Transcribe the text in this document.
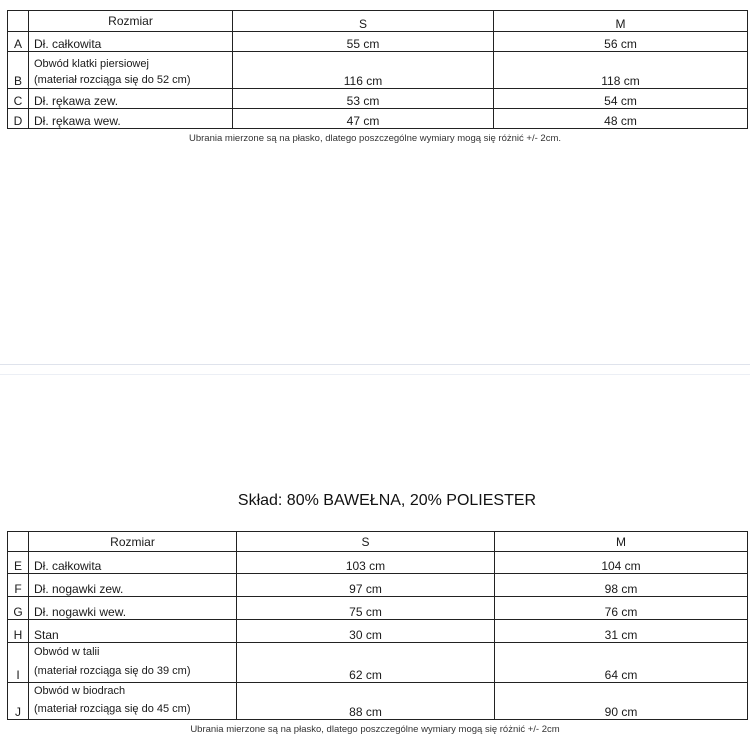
	Rozmiar	S	M
A	Dł. całkowita	55 cm	56 cm
B	Obwód klatki piersiowej
(materiał rozciąga się do 52 cm)	116 cm	118 cm
C	Dł. rękawa zew.	53 cm	54 cm
D	Dł. rękawa wew.	47 cm	48 cm
Ubrania mierzone są na płasko, dlatego poszczególne wymiary mogą się różnić +/- 2cm.
Skład: 80% BAWEŁNA, 20% POLIESTER
	Rozmiar	S	M
E	Dł. całkowita	103 cm	104 cm
F	Dł. nogawki zew.	97 cm	98 cm
G	Dł. nogawki wew.	75 cm	76 cm
H	Stan	30 cm	31 cm
I	Obwód w talii
(materiał rozciąga się do 39 cm)	62 cm	64 cm
J	Obwód w biodrach
(materiał rozciąga się do 45 cm)	88 cm	90 cm
Ubrania mierzone są na płasko, dlatego poszczególne wymiary mogą się różnić +/- 2cm
